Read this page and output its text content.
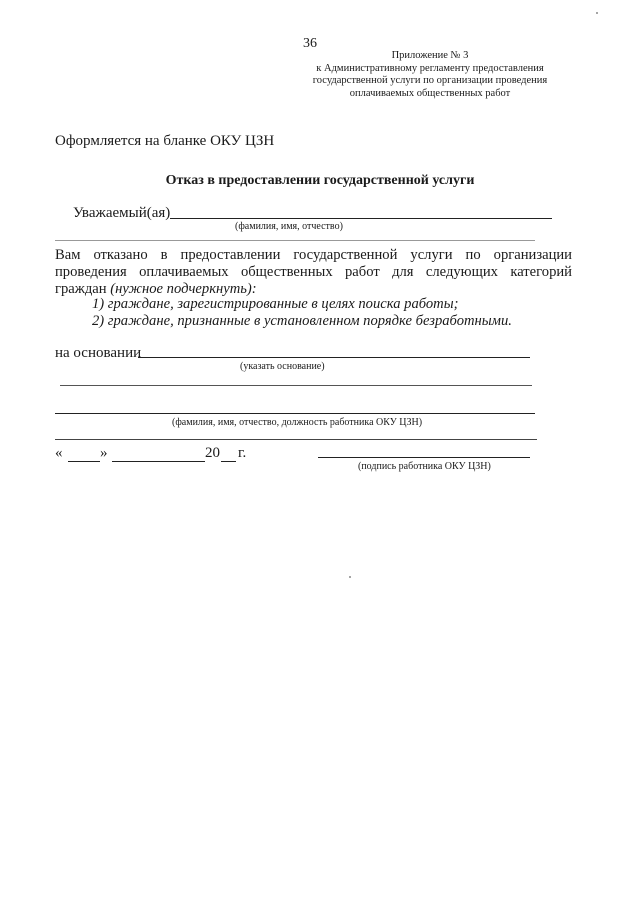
36
Приложение № 3
к Административному регламенту предоставления
государственной услуги по организации проведения
оплачиваемых общественных работ
Оформляется на бланке ОКУ ЦЗН
Отказ в предоставлении государственной услуги
Уважаемый(ая)
(фамилия, имя, отчество)
Вам отказано в предоставлении государственной услуги по организации проведения оплачиваемых общественных работ для следующих категорий граждан (нужное подчеркнуть):
1) граждане, зарегистрированные в целях поиска работы;
2) граждане, признанные в установленном порядке безработными.
на основании
(указать основание)
(фамилия, имя, отчество, должность работника ОКУ ЦЗН)
«	»	20 г.
(подпись работника ОКУ ЦЗН)
